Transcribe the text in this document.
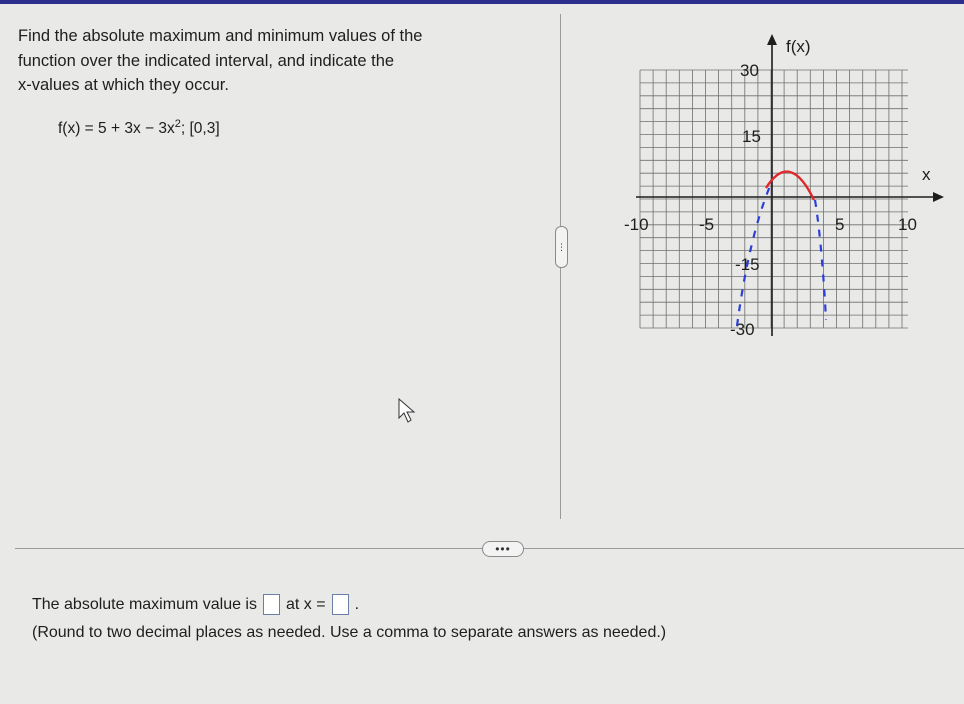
Find the absolute maximum and minimum values of the
function over the indicated interval, and indicate the
x-values at which they occur.
$f(x) = 5 + 3x - 3x^2$; [0,3]
⋮
f(x)
x
-10	-5	5	10
30
15
-15
-30
•••
The absolute maximum value is at x = .
(Round to two decimal places as needed. Use a comma to separate answers as needed.)
